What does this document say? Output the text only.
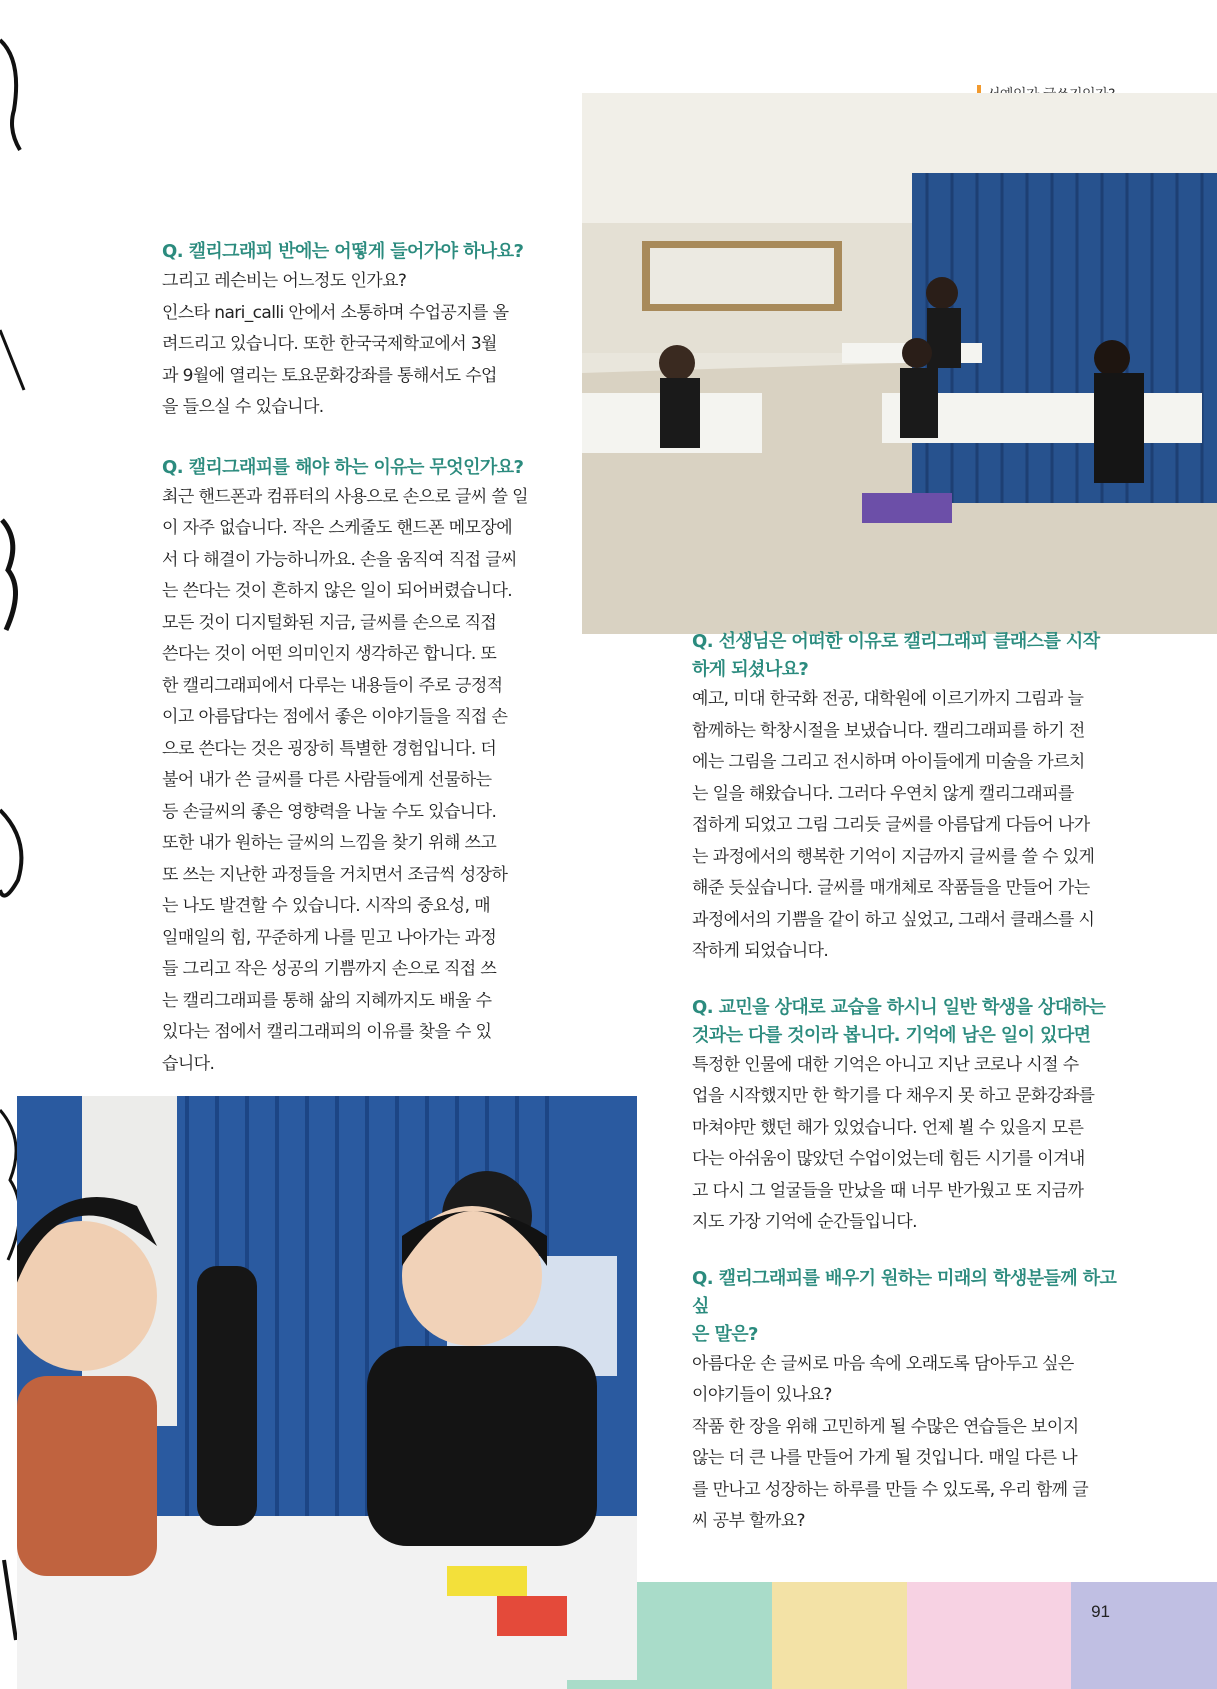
Q. 캘리그래피 반에는 어떻게 들어가야 하나요?

그리고 레슨비는 어느정도 인가요?

인스타 nari_calli 안에서 소통하며 수업공지를 올

려드리고 있습니다. 또한 한국국제학교에서 3월

과 9월에 열리는 토요문화강좌를 통해서도 수업

을 들으실 수 있습니다.

Q. 캘리그래피를 해야 하는 이유는 무엇인가요?

최근 핸드폰과 컴퓨터의 사용으로 손으로 글씨 쓸 일

이 자주 없습니다. 작은 스케줄도 핸드폰 메모장에

서 다 해결이 가능하니까요. 손을 움직여 직접 글씨

는 쓴다는 것이 흔하지 않은 일이 되어버렸습니다.

모든 것이 디지털화된 지금, 글씨를 손으로 직접

쓴다는 것이 어떤 의미인지 생각하곤 합니다. 또

한 캘리그래피에서 다루는 내용들이 주로 긍정적

이고 아름답다는 점에서 좋은 이야기들을 직접 손

으로 쓴다는 것은 굉장히 특별한 경험입니다. 더

불어 내가 쓴 글씨를 다른 사람들에게 선물하는

등 손글씨의 좋은 영향력을 나눌 수도 있습니다.

또한 내가 원하는 글씨의 느낌을 찾기 위해 쓰고

또 쓰는 지난한 과정들을 거치면서 조금씩 성장하

는 나도 발견할 수 있습니다. 시작의 중요성, 매

일매일의 힘, 꾸준하게 나를 믿고 나아가는 과정

들 그리고 작은 성공의 기쁨까지 손으로 직접 쓰

는 캘리그래피를 통해 삶의 지혜까지도 배울 수

있다는 점에서 캘리그래피의 이유를 찾을 수 있

습니다.

Q. 선생님은 어떠한 이유로 캘리그래피 클래스를 시작

하게 되셨나요?

예고, 미대 한국화 전공, 대학원에 이르기까지 그림과 늘

함께하는 학창시절을 보냈습니다. 캘리그래피를 하기 전

에는 그림을 그리고 전시하며 아이들에게 미술을 가르치

는 일을 해왔습니다. 그러다 우연치 않게 캘리그래피를

접하게 되었고 그림 그리듯 글씨를 아름답게 다듬어 나가

는 과정에서의 행복한 기억이 지금까지 글씨를 쓸 수 있게

해준 듯싶습니다. 글씨를 매개체로 작품들을 만들어 가는

과정에서의 기쁨을 같이 하고 싶었고, 그래서 클래스를 시

작하게 되었습니다.

Q. 교민을 상대로 교습을 하시니 일반 학생을 상대하는

것과는 다를 것이라 봅니다. 기억에 남은 일이 있다면

특정한 인물에 대한 기억은 아니고 지난 코로나 시절 수

업을 시작했지만 한 학기를 다 채우지 못 하고 문화강좌를

마쳐야만 했던 해가 있었습니다. 언제 뵐 수 있을지 모른

다는 아쉬움이 많았던 수업이었는데 힘든 시기를 이겨내

고 다시 그 얼굴들을 만났을 때 너무 반가웠고 또 지금까

지도 가장 기억에 순간들입니다.

Q. 캘리그래피를 배우기 원하는 미래의 학생분들께 하고 싶

은 말은?

아름다운 손 글씨로 마음 속에 오래도록 담아두고 싶은

이야기들이 있나요?

작품 한 장을 위해 고민하게 될 수많은 연습들은 보이지

않는 더 큰 나를 만들어 가게 될 것입니다. 매일 다른 나

를 만나고 성장하는 하루를 만들 수 있도록, 우리 함께 글

씨 공부 할까요?

91
